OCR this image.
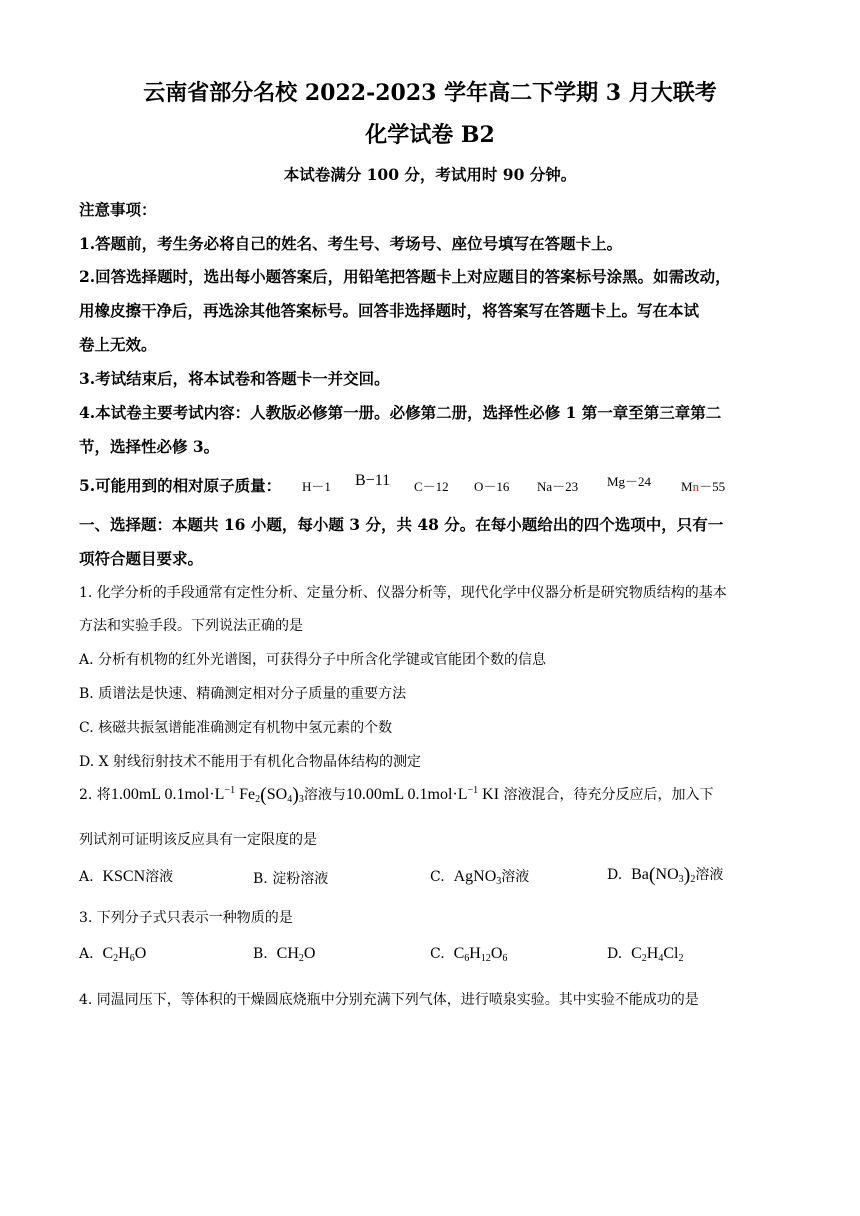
云南省部分名校 2022-2023 学年高二下学期 3 月大联考
化学试卷 B2
本试卷满分 100 分，考试用时 90 分钟。
注意事项：
1.答题前，考生务必将自己的姓名、考生号、考场号、座位号填写在答题卡上。
2.回答选择题时，选出每小题答案后，用铅笔把答题卡上对应题目的答案标号涂黑。如需改动，
用橡皮擦干净后，再选涂其他答案标号。回答非选择题时，将答案写在答题卡上。写在本试
卷上无效。
3.考试结束后，将本试卷和答题卡一并交回。
4.本试卷主要考试内容：人教版必修第一册。必修第二册，选择性必修 1 第一章至第三章第二
节，选择性必修 3。
5.可能用到的相对原子质量： H－1 B−11 C－12 O－16 Na－23 Mg－24 Mn－55
一、选择题：本题共 16 小题，每小题 3 分，共 48 分。在每小题给出的四个选项中，只有一
项符合题目要求。
1. 化学分析的手段通常有定性分析、定量分析、仪器分析等，现代化学中仪器分析是研究物质结构的基本
方法和实验手段。下列说法正确的是
A. 分析有机物的红外光谱图，可获得分子中所含化学键或官能团个数的信息
B. 质谱法是快速、精确测定相对分子质量的重要方法
C. 核磁共振氢谱能准确测定有机物中氢元素的个数
D. X 射线衍射技术不能用于有机化合物晶体结构的测定
2. 将1.00mL $0.1mol\cdot L^{-1}$ $Fe_2(SO_4)_3$溶液与10.00mL $0.1mol\cdot L^{-1}$ KI 溶液混合，待充分反应后，加入下
列试剂可证明该反应具有一定限度的是
A. KSCN溶液	B. 淀粉溶液	C. AgNO$_3$溶液	D. $Ba(NO_3)_2$溶液
3. 下列分子式只表示一种物质的是
A. $C_2H_6O$	B. $CH_2O$	C. $C_6H_{12}O_6$	D. $C_2H_4Cl_2$
4. 同温同压下，等体积的干燥圆底烧瓶中分别充满下列气体，进行喷泉实验。其中实验不能成功的是
